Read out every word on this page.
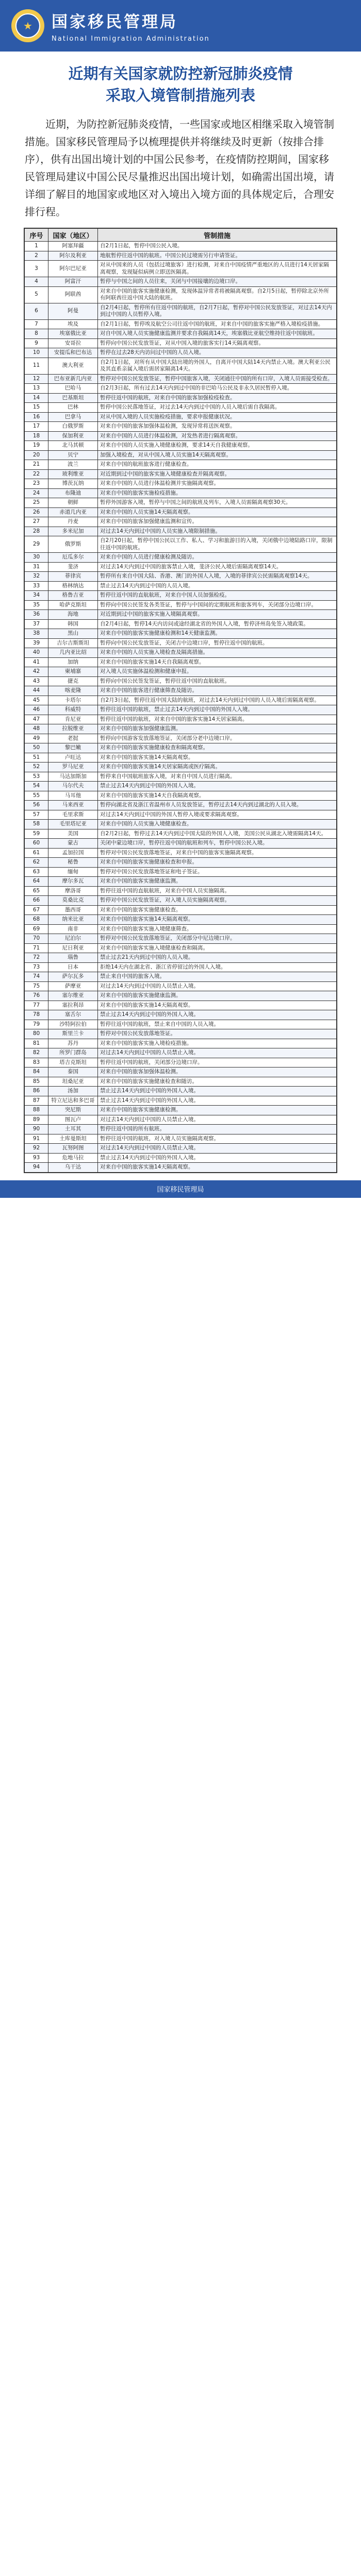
★	国家移民管理局
National Immigration Administration
近期有关国家就防控新冠肺炎疫情
采取入境管制措施列表
近期，为防控新冠肺炎疫情，一些国家或地区相继采取入境管制措施。国家移民管理局予以梳理提供并将继续及时更新（按排合排序），供有出国出境计划的中国公民参考，在疫情防控期间，国家移民管理局建议中国公民尽量推迟出国出境计划，如确需出国出境，请详细了解目的地国家或地区对入境出入境方面的具体规定后，合理安排行程。
序号	国家（地区）	管制措施
1	阿塞拜疆	自2月1日起，暂停中国公民入境。
2	阿尔及利亚	地航暂停往返中国的航班。中国公民过境需另行申请签证。
3	阿尔巴尼亚	对从中国来的人员（包括过境旅客）进行检测，对来自中国疫情严重地区的人员进行14天居家隔离观察，发现疑似病例立即送医隔离。
4	阿富汗	暂停与中国之间的人员往来，关闭与中国接壤的边境口岸。
5	阿联酋	对来自中国的旅客实施健康检测，发现体温异常者将被隔离观察。自2月5日起，暂停除北京外所有阿联酋往返中国大陆的航班。
6	阿曼	自2月4日起，暂停所有往返中国的航班，自2月7日起，暂停对中国公民发放签证，对过去14天内到过中国的人员暂停入境。
7	埃及	自2月1日起，暂停埃及航空公司往返中国的航班，对来自中国的旅客实施严格入境检疫措施。
8	埃塞俄比亚	对自中国入境人员实施健康监测并要求自我隔离14天，埃塞俄比亚航空维持往返中国航班。
9	安哥拉	暂停向中国公民发放签证，对从中国入境的旅客实行14天隔离观察。
10	安提瓜和巴布达	暂停在过去28天内访问过中国的人员入境。
11	澳大利亚	自2月1日起，对所有从中国大陆出境的外国人，自离开中国大陆14天内禁止入境。澳大利亚公民及其直系亲属入境后需居家隔离14天。
12	巴布亚新几内亚	暂停对中国公民发放签证，暂停中国旅客入境，关闭通往中国的所有口岸，入境人员需接受检查。
13	巴哈马	自2月3日起，所有过去14天内到过中国的非巴哈马公民及非永久居民暂停入境。
14	巴基斯坦	暂停往返中国的航班，对来自中国的旅客加强检疫检查。
15	巴林	暂停中国公民落地签证，对过去14天内到过中国的人员入境后需自我隔离。
16	巴拿马	对从中国入境的人员实施检疫措施，要求申报健康状况。
17	白俄罗斯	对来自中国的旅客加强体温检测，发现异常将送医观察。
18	保加利亚	对来自中国的人员进行体温检测，对发热者进行隔离观察。
19	北马其顿	对来自中国的人员实施入境健康检测，要求14天自我健康观察。
20	贝宁	加强入境检查，对从中国入境人员实施14天隔离观察。
21	波兰	对来自中国的航班旅客进行健康检查。
22	玻利维亚	对近期到过中国的旅客实施入境健康检查并隔离观察。
23	博茨瓦纳	对来自中国的人员进行体温检测并实施隔离观察。
24	布隆迪	对来自中国的旅客实施检疫措施。
25	朝鲜	暂停外国游客入境，暂停与中国之间的航班及列车，入境人员需隔离观察30天。
26	赤道几内亚	对来自中国的人员实施14天隔离观察。
27	丹麦	对来自中国的旅客加强健康监测和宣传。
28	多米尼加	对过去14天内到过中国的人员实施入境限制措施。
29	俄罗斯	自2月20日起，暂停中国公民以工作、私人、学习和旅游目的入境，关闭俄中边境陆路口岸，限制往返中国的航班。
30	厄瓜多尔	对来自中国的人员进行健康检测及随访。
31	斐济	对过去14天内到过中国的旅客禁止入境，斐济公民入境后需隔离观察14天。
32	菲律宾	暂停所有来自中国大陆、香港、澳门的外国人入境，入境的菲律宾公民需隔离观察14天。
33	格林纳达	禁止过去14天内到过中国的人员入境。
34	格鲁吉亚	暂停往返中国的直航航班，对来自中国人员加强检疫。
35	哈萨克斯坦	暂停向中国公民签发各类签证，暂停与中国间的定期航班和旅客列车，关闭部分边境口岸。
36	海地	对近期到过中国的旅客实施入境隔离观察。
37	韩国	自2月4日起，暂停14天内访问或途经湖北省的外国人入境，暂停济州岛免签入境政策。
38	黑山	对来自中国的旅客实施健康检测和14天健康监测。
39	吉尔吉斯斯坦	暂停向中国公民发放签证，关闭吉中边境口岸，暂停往返中国的航班。
40	几内亚比绍	对来自中国的人员实施入境检查及隔离措施。
41	加纳	对来自中国的旅客实施14天自我隔离观察。
42	柬埔寨	对入境人员实施体温检测和健康申报。
43	捷克	暂停向中国公民签发签证，暂停往返中国的直航航班。
44	喀麦隆	对来自中国的旅客进行健康筛查及随访。
45	卡塔尔	自2月3日起，暂停往返中国大陆的航班，对过去14天内到过中国的人员入境后需隔离观察。
46	科威特	暂停往返中国的航班，禁止过去14天内到过中国的外国人入境。
47	肯尼亚	暂停往返中国的航班，对来自中国的旅客实施14天居家隔离。
48	拉脱维亚	对来自中国的旅客加强健康监测。
49	老挝	暂停向中国游客发放落地签证，关闭部分老中边境口岸。
50	黎巴嫩	对来自中国的旅客实施健康检查和隔离观察。
51	卢旺达	对来自中国的旅客实施14天隔离观察。
52	罗马尼亚	对来自中国的旅客实施14天居家隔离或医疗隔离。
53	马达加斯加	暂停来自中国航班旅客入境，对来自中国人员进行隔离。
54	马尔代夫	禁止过去14天内到过中国的外国人入境。
55	马耳他	对来自中国的旅客实施14天自我隔离观察。
56	马来西亚	暂停向湖北省及浙江省温州市人员发放签证，暂停过去14天内到过湖北的人员入境。
57	毛里求斯	对过去14天内到过中国的外国人暂停入境或要求隔离观察。
58	毛里塔尼亚	对来自中国的人员实施入境健康检查。
59	美国	自2月2日起，暂停过去14天内到过中国大陆的外国人入境，美国公民从湖北入境需隔离14天。
60	蒙古	关闭中蒙边境口岸，暂停往返中国的航班和列车，暂停中国公民入境。
61	孟加拉国	暂停对中国公民发放落地签证，对来自中国的旅客实施隔离观察。
62	秘鲁	对来自中国的旅客实施健康检查和申报。
63	缅甸	暂停对中国公民发放落地签证和电子签证。
64	摩尔多瓦	对来自中国的旅客实施健康监测。
65	摩洛哥	暂停往返中国的直航航班，对来自中国人员实施隔离。
66	莫桑比克	暂停对中国公民发放签证，对入境人员实施隔离观察。
67	墨西哥	对来自中国的旅客实施健康检查。
68	纳米比亚	对来自中国的旅客实施14天隔离观察。
69	南非	对来自中国的旅客实施入境健康筛查。
70	尼泊尔	暂停对中国公民发放落地签证，关闭部分中尼边境口岸。
71	尼日利亚	对来自中国的旅客实施入境健康检查和隔离。
72	瑙鲁	禁止过去21天内到过中国的人员入境。
73	日本	拒绝14天内在湖北省、浙江省停留过的外国人入境。
74	萨尔瓦多	禁止来自中国的旅客入境。
75	萨摩亚	对过去14天内到过中国的人员禁止入境。
76	塞尔维亚	对来自中国的旅客实施健康监测。
77	塞拉利昂	对来自中国的旅客实施14天隔离观察。
78	塞舌尔	禁止过去14天内到过中国的外国人入境。
79	沙特阿拉伯	暂停往返中国的航班，禁止来自中国的人员入境。
80	斯里兰卡	暂停对中国公民发放落地签证。
81	苏丹	对来自中国的旅客实施入境检疫措施。
82	所罗门群岛	对过去14天内到过中国的人员禁止入境。
83	塔吉克斯坦	暂停往返中国的航班，关闭部分边境口岸。
84	泰国	对来自中国的旅客加强体温检测。
85	坦桑尼亚	对来自中国的旅客实施健康检查和随访。
86	汤加	禁止过去14天内到过中国的外国人入境。
87	特立尼达和多巴哥	禁止过去14天内到过中国的外国人入境。
88	突尼斯	对来自中国的旅客实施健康检测。
89	图瓦卢	对过去14天内到过中国的人员禁止入境。
90	土耳其	暂停往返中国的所有航班。
91	土库曼斯坦	暂停往返中国的航班，对入境人员实施隔离观察。
92	瓦努阿图	对过去14天内到过中国的人员禁止入境。
93	危地马拉	禁止过去14天内到过中国的外国人入境。
94	乌干达	对来自中国的旅客实施14天隔离观察。
国家移民管理局
